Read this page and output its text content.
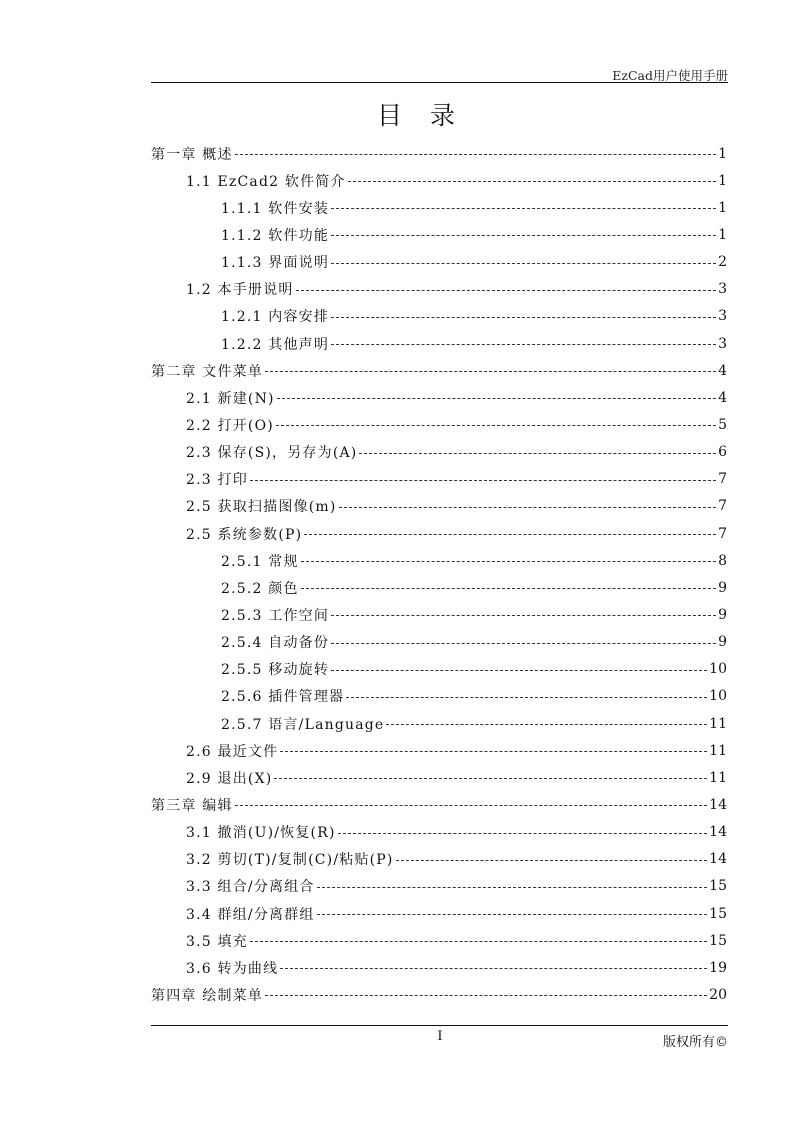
EzCad用户使用手册
目录
第一章 概述	1
1.1 EzCad2 软件简介	1
1.1.1 软件安装	1
1.1.2 软件功能	1
1.1.3 界面说明	2
1.2 本手册说明	3
1.2.1 内容安排	3
1.2.2 其他声明	3
第二章 文件菜单	4
2.1 新建(N)	4
2.2 打开(O)	5
2.3 保存(S)，另存为(A)	6
2.3 打印	7
2.5 获取扫描图像(m)	7
2.5 系统参数(P)	7
2.5.1 常规	8
2.5.2 颜色	9
2.5.3 工作空间	9
2.5.4 自动备份	9
2.5.5 移动旋转	10
2.5.6 插件管理器	10
2.5.7 语言/Language	11
2.6 最近文件	11
2.9 退出(X)	11
第三章 编辑	14
3.1 撤消(U)/恢复(R)	14
3.2 剪切(T)/复制(C)/粘贴(P)	14
3.3 组合/分离组合	15
3.4 群组/分离群组	15
3.5 填充	15
3.6 转为曲线	19
第四章 绘制菜单	20
I	版权所有©
